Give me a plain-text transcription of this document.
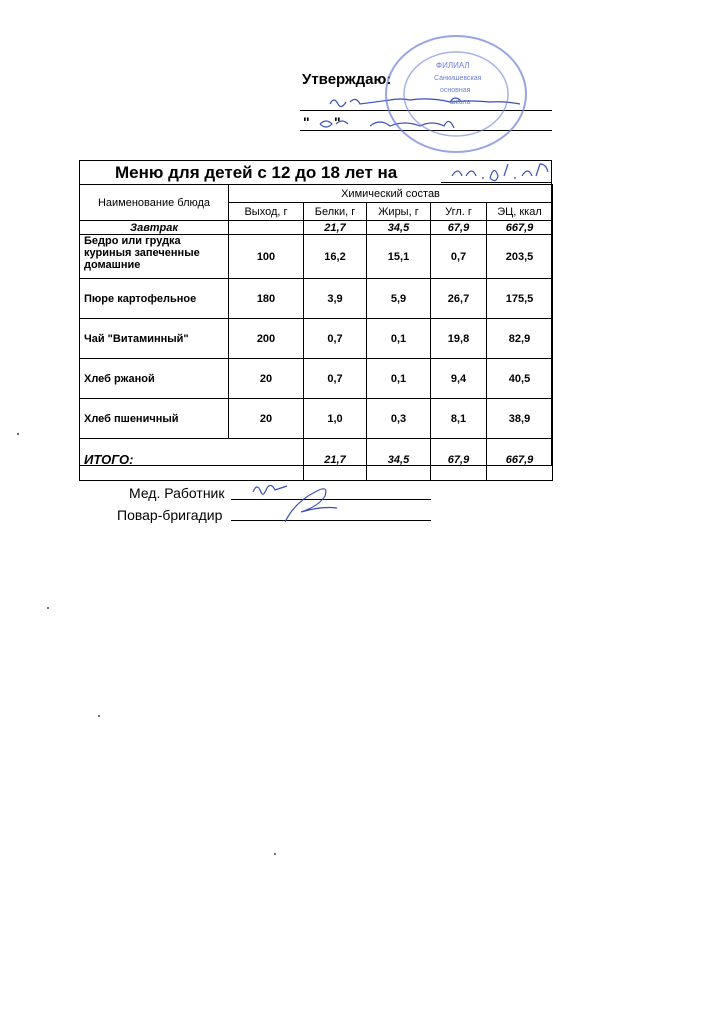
Утверждаю:
" "
ФИЛИАЛ
Санкишевская
основная
школа
Меню для детей с 12 до 18 лет на
Наименование блюда	Химический состав				
	Выход, г	Белки, г	Жиры, г	Угл. г	ЭЦ, ккал
Завтрак		21,7	34,5	67,9	667,9

Бедро или грудка куриныя запеченные домашние	100	16,2	15,1	0,7	203,5
Пюре картофельное	180	3,9	5,9	26,7	175,5
Чай "Витаминный"	200	0,7	0,1	19,8	82,9
Хлеб ржаной	20	0,7	0,1	9,4	40,5
Хлеб пшеничный	20	1,0	0,3	8,1	38,9
ИТОГО:		21,7	34,5	67,9	667,9
Мед. Работник
Повар-бригадир
